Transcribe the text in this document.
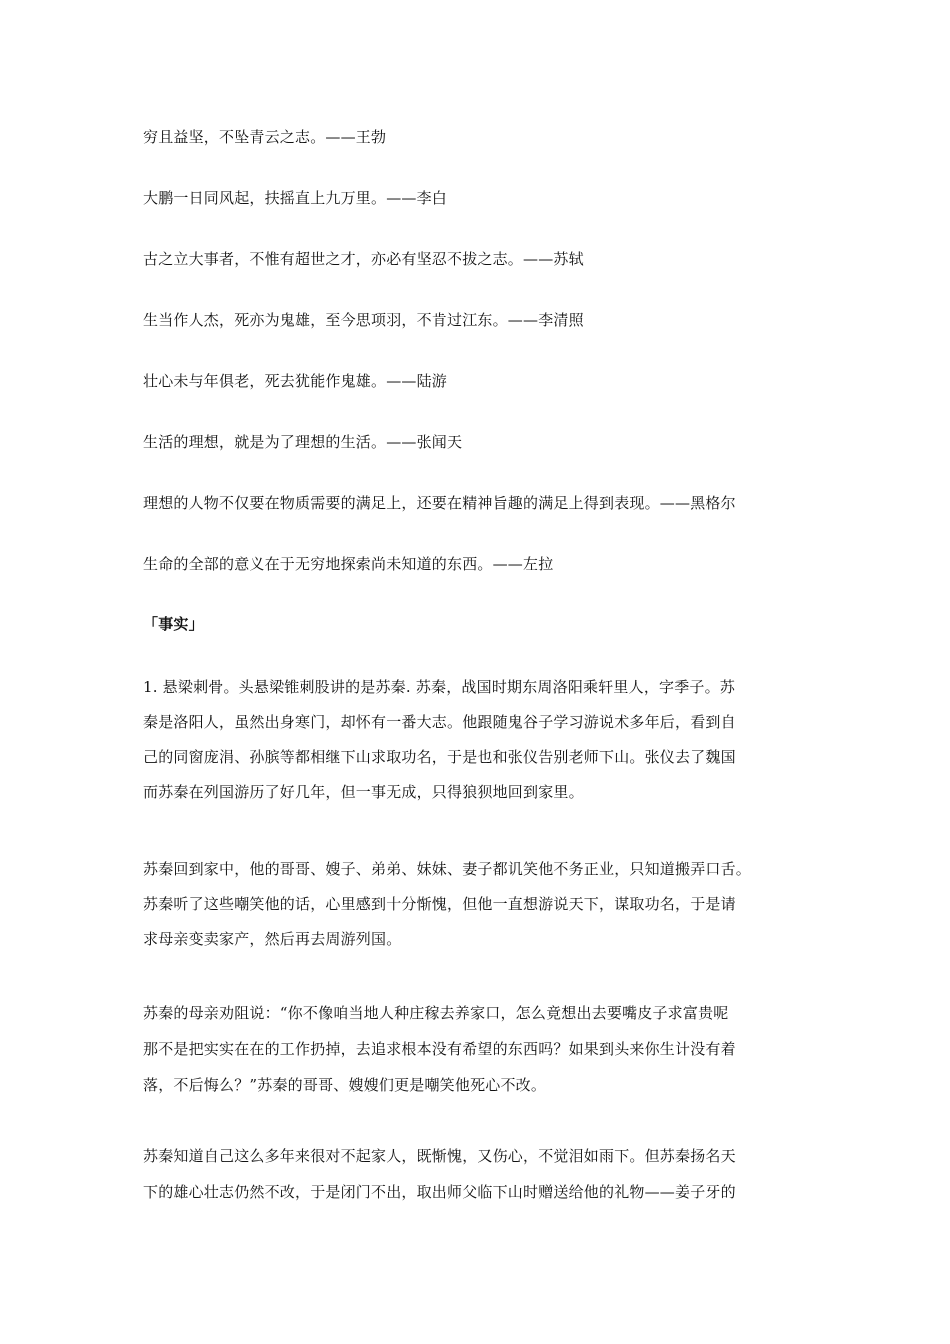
穷且益坚，不坠青云之志。——王勃
大鹏一日同风起，扶摇直上九万里。——李白
古之立大事者，不惟有超世之才，亦必有坚忍不拔之志。——苏轼
生当作人杰，死亦为鬼雄，至今思项羽，不肯过江东。——李清照
壮心未与年俱老，死去犹能作鬼雄。——陆游
生活的理想，就是为了理想的生活。——张闻天
理想的人物不仅要在物质需要的满足上，还要在精神旨趣的满足上得到表现。——黑格尔
生命的全部的意义在于无穷地探索尚未知道的东西。——左拉
「事实」
1. 悬梁刺骨。头悬梁锥刺股讲的是苏秦. 苏秦，战国时期东周洛阳乘轩里人，字季子。苏
秦是洛阳人，虽然出身寒门，却怀有一番大志。他跟随鬼谷子学习游说术多年后，看到自
己的同窗庞涓、孙膑等都相继下山求取功名，于是也和张仪告别老师下山。张仪去了魏国
而苏秦在列国游历了好几年，但一事无成，只得狼狈地回到家里。
苏秦回到家中，他的哥哥、嫂子、弟弟、妹妹、妻子都讥笑他不务正业，只知道搬弄口舌。
苏秦听了这些嘲笑他的话，心里感到十分惭愧，但他一直想游说天下，谋取功名，于是请
求母亲变卖家产，然后再去周游列国。
苏秦的母亲劝阻说：“你不像咱当地人种庄稼去养家口，怎么竟想出去要嘴皮子求富贵呢
那不是把实实在在的工作扔掉，去追求根本没有希望的东西吗？如果到头来你生计没有着
落，不后悔么？”苏秦的哥哥、嫂嫂们更是嘲笑他死心不改。
苏秦知道自己这么多年来很对不起家人，既惭愧，又伤心，不觉泪如雨下。但苏秦扬名天
下的雄心壮志仍然不改，于是闭门不出，取出师父临下山时赠送给他的礼物——姜子牙的
